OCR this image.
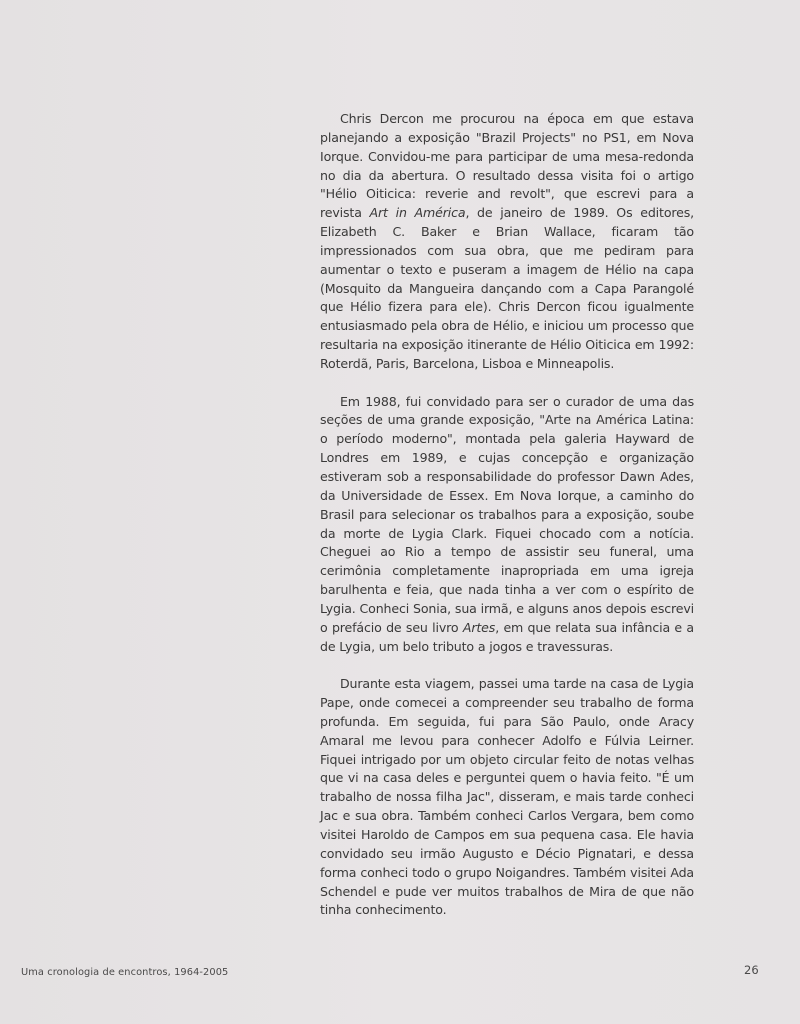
Chris Dercon me procurou na época em que estava planejando a exposição "Brazil Projects" no PS1, em Nova Iorque. Convidou-me para participar de uma mesa-redonda no dia da abertura. O resultado dessa visita foi o artigo "Hélio Oiticica: reverie and revolt", que escrevi para a revista Art in América, de janeiro de 1989. Os editores, Elizabeth C. Baker e Brian Wallace, ficaram tão impressionados com sua obra, que me pediram para aumentar o texto e puseram a imagem de Hélio na capa (Mosquito da Mangueira dançando com a Capa Parangolé que Hélio fizera para ele). Chris Dercon ficou igualmente entusiasmado pela obra de Hélio, e iniciou um processo que resultaria na exposição itinerante de Hélio Oiticica em 1992: Roterdã, Paris, Barcelona, Lisboa e Minneapolis.

Em 1988, fui convidado para ser o curador de uma das seções de uma grande exposição, "Arte na América Latina: o período moderno", montada pela galeria Hayward de Londres em 1989, e cujas concepção e organização estiveram sob a responsabilidade do professor Dawn Ades, da Universidade de Essex. Em Nova Iorque, a caminho do Brasil para selecionar os trabalhos para a exposição, soube da morte de Lygia Clark. Fiquei chocado com a notícia. Cheguei ao Rio a tempo de assistir seu funeral, uma cerimônia completamente inapropriada em uma igreja barulhenta e feia, que nada tinha a ver com o espírito de Lygia. Conheci Sonia, sua irmã, e alguns anos depois escrevi o prefácio de seu livro Artes, em que relata sua infância e a de Lygia, um belo tributo a jogos e travessuras.

Durante esta viagem, passei uma tarde na casa de Lygia Pape, onde comecei a compreender seu trabalho de forma profunda. Em seguida, fui para São Paulo, onde Aracy Amaral me levou para conhecer Adolfo e Fúlvia Leirner. Fiquei intrigado por um objeto circular feito de notas velhas que vi na casa deles e perguntei quem o havia feito. "É um trabalho de nossa filha Jac", disseram, e mais tarde conheci Jac e sua obra. Também conheci Carlos Vergara, bem como visitei Haroldo de Campos em sua pequena casa. Ele havia convidado seu irmão Augusto e Décio Pignatari, e dessa forma conheci todo o grupo Noigandres. Também visitei Ada Schendel e pude ver muitos trabalhos de Mira de que não tinha conhecimento.

Uma cronologia de encontros, 1964-2005	26
